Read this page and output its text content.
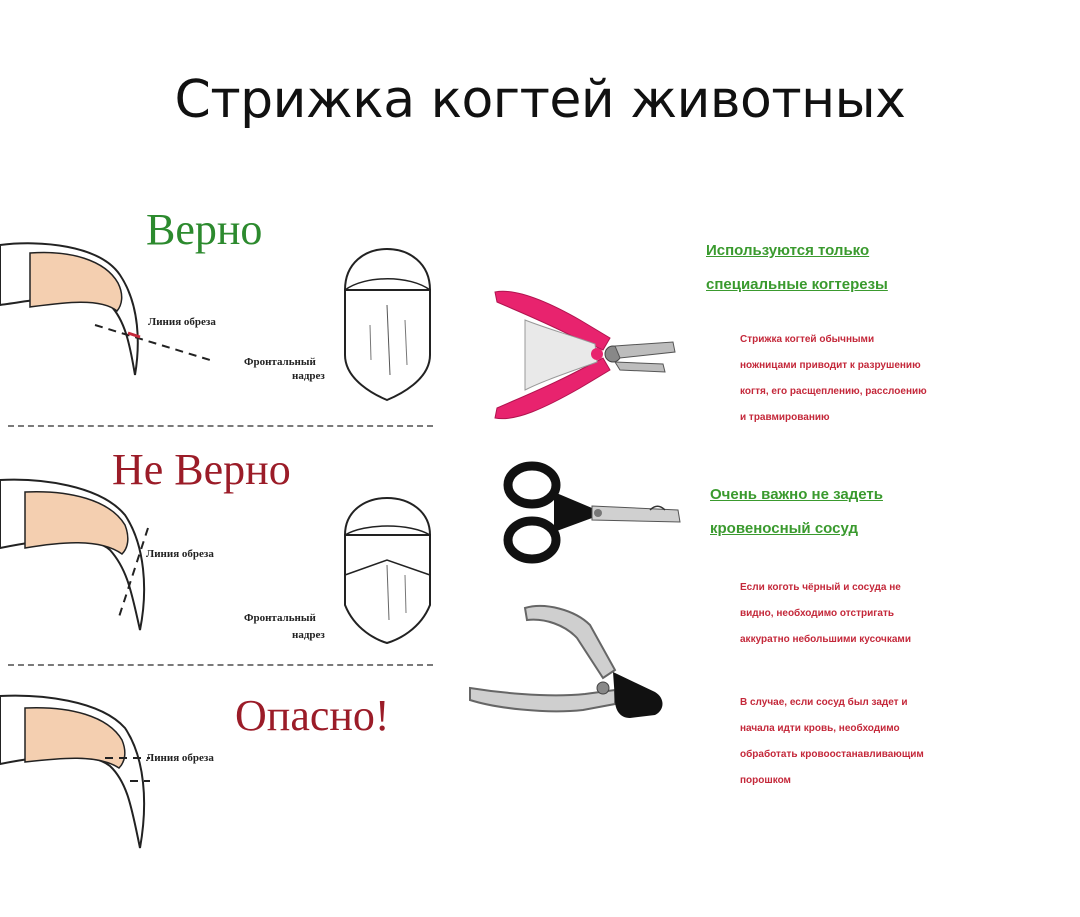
Стрижка когтей животных
Верно
Линия обреза
Фронтальный
надрез
Не Верно
Линия обреза
Фронтальный
надрез
Опасно!
Линия обреза
Используются только
специальные когтерезы
Стрижка когтей обычными
ножницами приводит к разрушению
когтя, его расщеплению, расслоению
и травмированию
Очень важно не задеть
кровеносный сосуд
Если коготь чёрный и сосуда не
видно, необходимо отстригать
аккуратно небольшими кусочками
В случае, если сосуд был задет и
начала идти кровь, необходимо
обработать кровоостанавливающим
порошком
